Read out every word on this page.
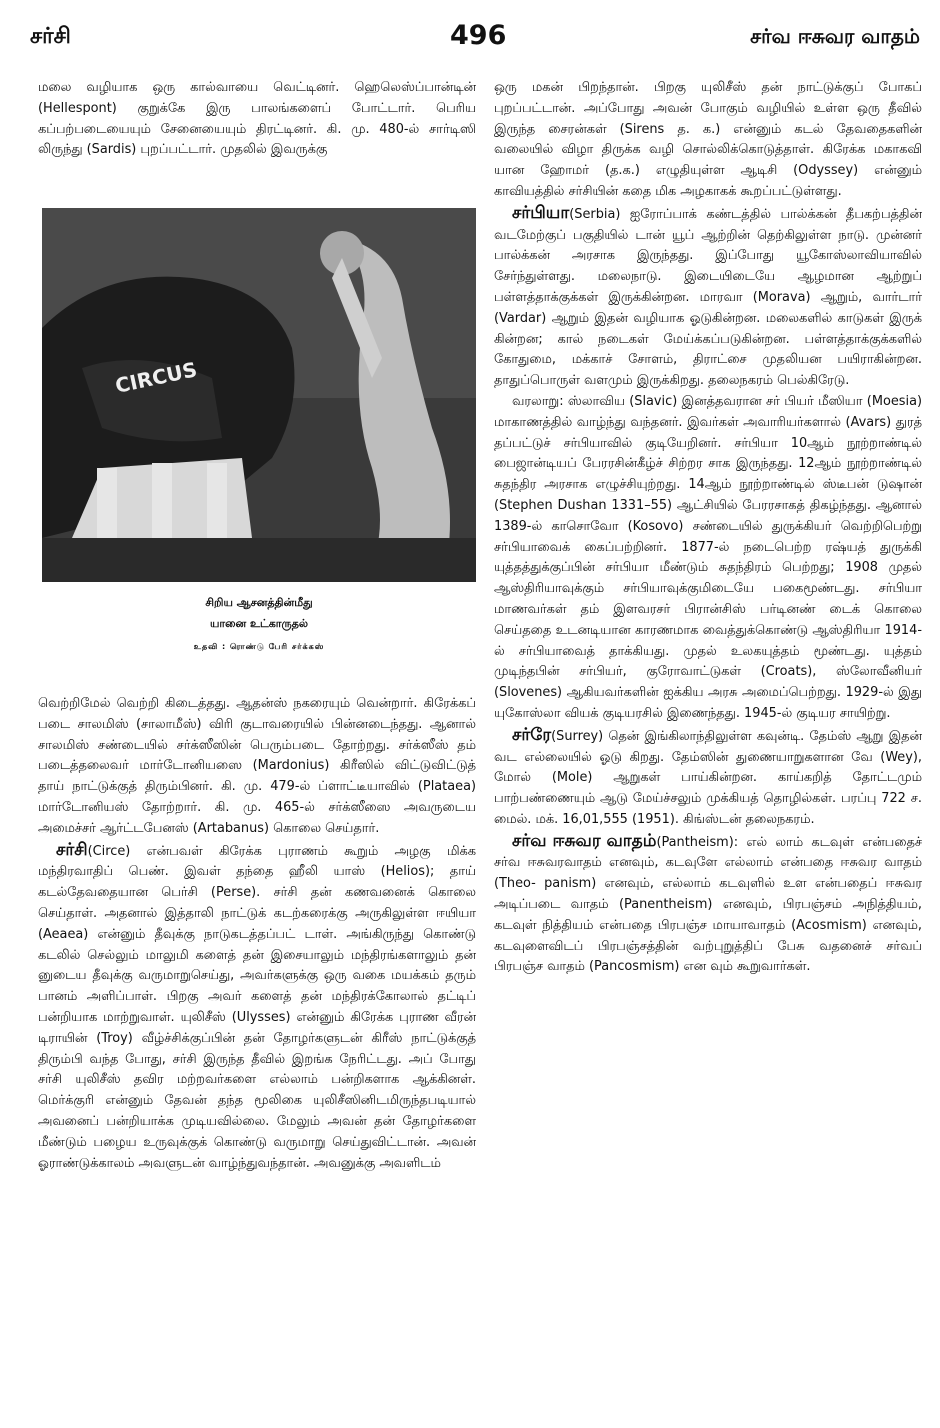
சர்சி	496	சர்வ ஈசுவர வாதம்

மலை வழியாக ஒரு கால்வாயை வெட்டினர். ஹெலெஸ்ப்பான்டின் (Hellespont) குறுக்கே இரு பாலங்களைப் போட்டார். பெரிய கப்பற்படையையும் சேனையையும் திரட்டினர். கி. மு. 480-ல் சார்டிஸி லிருந்து (Sardis) புறப்பட்டார். முதலில் இவருக்கு

CIRCUS
சிறிய ஆசனத்தின்மீது
யானை உட்காருதல்
உதவி : ரொண்டு பேரி சர்க்கஸ்

வெற்றிமேல் வெற்றி கிடைத்தது. ஆதன்ஸ் நகரையும் வென்றார். கிரேக்கப் படை சாலமிஸ் (சாலாமீஸ்) விரி குடாவரையில் பின்னடைந்தது. ஆனால் சாலமிஸ் சண்டையில் சர்க்ஸீஸின் பெரும்படை தோற்றது. சர்க்ஸீஸ் தம் படைத்தலைவர் மார்டோனியஸை (Mardonius) கிரீஸில் விட்டுவிட்டுத் தாய் நாட்டுக்குத் திரும்பினர். கி. மு. 479-ல் ப்ளாட்டீயாவில் (Plataea) மார்டோனியஸ் தோற்றார். கி. மு. 465-ல் சர்க்ஸீஸை அவருடைய அமைச்சர் ஆர்ட்டபேனஸ் (Artabanus) கொலை செய்தார்.

சர்சி(Circe) என்பவள் கிரேக்க புராணம் கூறும் அழகு மிக்க மந்திரவாதிப் பெண். இவள் தந்தை ஹீலி யாஸ் (Helios); தாய் கடல்தேவதையான பெர்சி (Perse). சர்சி தன் கணவனைக் கொலை செய்தாள். அதனால் இத்தாலி நாட்டுக் கடற்கரைக்கு அருகிலுள்ள ஈயியா (Aeaea) என்னும் தீவுக்கு நாடுகடத்தப்பட் டாள். அங்கிருந்து கொண்டு கடலில் செல்லும் மாலுமி களைத் தன் இசையாலும் மந்திரங்களாலும் தன் னுடைய தீவுக்கு வருமாறுசெய்து, அவர்களுக்கு ஒரு வகை மயக்கம் தரும் பானம் அளிப்பாள். பிறகு அவர் களைத் தன் மந்திரக்கோலால் தட்டிப் பன்றியாக மாற்றுவாள். யுலிசீஸ் (Ulysses) என்னும் கிரேக்க புராண வீரன் டிராயின் (Troy) வீழ்ச்சிக்குப்பின் தன் தோழர்களுடன் கிரீஸ் நாட்டுக்குத் திரும்பி வந்த போது, சர்சி இருந்த தீவில் இறங்க நேரிட்டது. அப் போது சர்சி யுலிசீஸ் தவிர மற்றவர்களை எல்லாம் பன்றிகளாக ஆக்கினள். மெர்க்குரி என்னும் தேவன் தந்த மூலிகை யுலிசீஸினிடமிருந்தபடியால் அவனைப் பன்றியாக்க முடியவில்லை. மேலும் அவன் தன் தோழர்களை மீண்டும் பழைய உருவுக்குக் கொண்டு வருமாறு செய்துவிட்டான். அவன் ஓராண்டுக்காலம் அவளுடன் வாழ்ந்துவந்தான். அவனுக்கு அவளிடம்

ஒரு மகன் பிறந்தான். பிறகு யுலிசீஸ் தன் நாட்டுக்குப் போகப் புறப்பட்டான். அப்போது அவன் போகும் வழியில் உள்ள ஒரு தீவில் இருந்த சைரன்கள் (Sirens த. க.) என்னும் கடல் தேவதைகளின் வலையில் விழா திருக்க வழி சொல்லிக்கொடுத்தாள். கிரேக்க மகாகவி யான ஹோமர் (த.க.) எழுதியுள்ள ஆடிசி (Odyssey) என்னும் காவியத்தில் சர்சியின் கதை மிக அழகாகக் கூறப்பட்டுள்ளது.

சர்பியா(Serbia) ஐரோப்பாக் கண்டத்தில் பால்க்கன் தீபகற்பத்தின் வடமேற்குப் பகுதியில் டான் யூப் ஆற்றின் தெற்கிலுள்ள நாடு. முன்னர் பால்க்கன் அரசாக இருந்தது. இப்போது யூகோஸ்லாவியாவில் சேர்ந்துள்ளது. மலைநாடு. இடையிடையே ஆழமான ஆற்றுப் பள்ளத்தாக்குக்கள் இருக்கின்றன. மாரவா (Morava) ஆறும், வார்டார் (Vardar) ஆறும் இதன் வழியாக ஓடுகின்றன. மலைகளில் காடுகள் இருக் கின்றன; கால் நடைகள் மேய்க்கப்படுகின்றன. பள்ளத்தாக்குக்களில் கோதுமை, மக்காச் சோளம், திராட்சை முதலியன பயிராகின்றன. தாதுப்பொருள் வளமும் இருக்கிறது. தலைநகரம் பெல்கிரேடு.

வரலாறு: ஸ்லாவிய (Slavic) இனத்தவரான சர் பியர் மீஸியா (Moesia) மாகாணத்தில் வாழ்ந்து வந்தனர். இவர்கள் அவாரியர்களால் (Avars) துரத் தப்பட்டுச் சர்பியாவில் குடியேறினர். சர்பியா 10ஆம் நூற்றாண்டில் பைஜான்டியப் பேரரசின்கீழ்ச் சிற்றர சாக இருந்தது. 12ஆம் நூற்றாண்டில் சுதந்திர அரசாக எழுச்சியுற்றது. 14ஆம் நூற்றாண்டில் ஸ்டீபன் டுஷான் (Stephen Dushan 1331–55) ஆட்சியில் பேரரசாகத் திகழ்ந்தது. ஆனால் 1389-ல் காசொவோ (Kosovo) சண்டையில் துருக்கியர் வெற்றிபெற்று சர்பியாவைக் கைப்பற்றினர். 1877-ல் நடைபெற்ற ரஷ்யத் துருக்கி யுத்தத்துக்குப்பின் சர்பியா மீண்டும் சுதந்திரம் பெற்றது; 1908 முதல் ஆஸ்திரியாவுக்கும் சர்பியாவுக்குமிடையே பகைமூண்டது. சர்பியா மாணவர்கள் தம் இளவரசர் பிரான்சிஸ் பர்டினண் டைக் கொலை செய்ததை உடனடியான காரணமாக வைத்துக்கொண்டு ஆஸ்திரியா 1914-ல் சர்பியாவைத் தாக்கியது. முதல் உலகயுத்தம் மூண்டது. யுத்தம் முடிந்தபின் சர்பியர், குரோவாட்டுகள் (Croats), ஸ்லோவீனியர் (Slovenes) ஆகியவர்களின் ஐக்கிய அரசு அமைப்பெற்றது. 1929-ல் இது யுகோஸ்லா வியக் குடியரசில் இணைந்தது. 1945-ல் குடியர சாயிற்று.

சர்ரே(Surrey) தென் இங்கிலாந்திலுள்ள கவுன்டி. தேம்ஸ் ஆறு இதன் வட எல்லையில் ஓடு கிறது. தேம்ஸின் துணையாறுகளான வே (Wey), மோல் (Mole) ஆறுகள் பாய்கின்றன. காய்கறித் தோட்டமும் பாற்பண்ணையும் ஆடு மேய்ச்சலும் முக்கியத் தொழில்கள். பரப்பு 722 ச. மைல். மக். 16,01,555 (1951). கிங்ஸ்டன் தலைநகரம்.

சர்வ ஈசுவர வாதம்(Pantheism): எல் லாம் கடவுள் என்பதைச் சர்வ ஈசுவரவாதம் எனவும், கடவுளே எல்லாம் என்பதை ஈசுவர வாதம் (Theo- panism) எனவும், எல்லாம் கடவுளில் உள என்பதைப் ஈசுவர அடிப்படை வாதம் (Panentheism) எனவும், பிரபஞ்சம் அநித்தியம், கடவுள் நித்தியம் என்பதை பிரபஞ்ச மாயாவாதம் (Acosmism) எனவும், கடவுளைவிடப் பிரபஞ்சத்தின் வற்புறுத்திப் பேசு வதனைச் சர்வப் பிரபஞ்ச வாதம் (Pancosmism) என வும் கூறுவார்கள்.
